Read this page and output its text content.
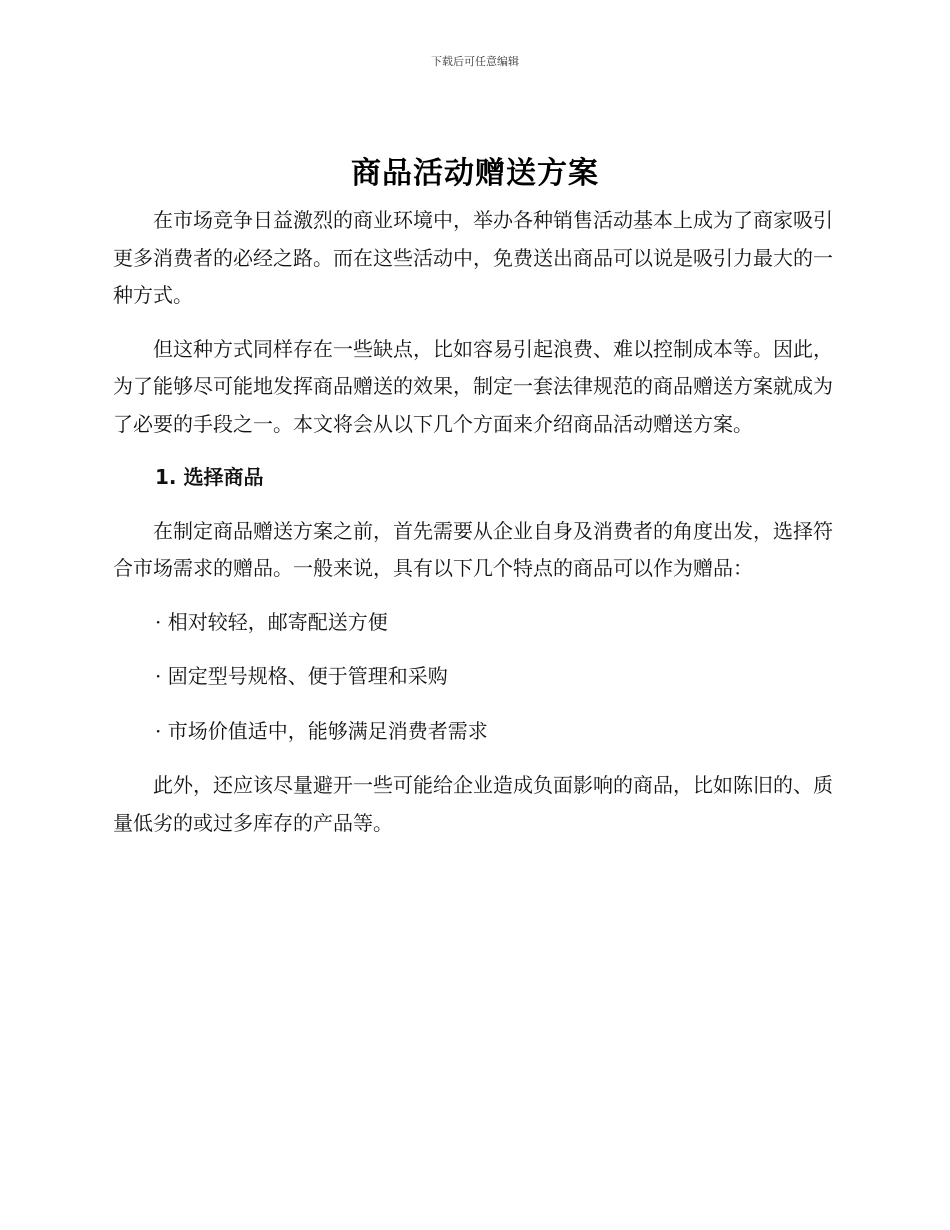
下载后可任意编辑
商品活动赠送方案

在市场竞争日益激烈的商业环境中，举办各种销售活动基本上成为了商家吸引更多消费者的必经之路。而在这些活动中，免费送出商品可以说是吸引力最大的一种方式。

但这种方式同样存在一些缺点，比如容易引起浪费、难以控制成本等。因此，为了能够尽可能地发挥商品赠送的效果，制定一套法律规范的商品赠送方案就成为了必要的手段之一。本文将会从以下几个方面来介绍商品活动赠送方案。

1. 选择商品

在制定商品赠送方案之前，首先需要从企业自身及消费者的角度出发，选择符合市场需求的赠品。一般来说，具有以下几个特点的商品可以作为赠品：

· 相对较轻，邮寄配送方便
· 固定型号规格、便于管理和采购
· 市场价值适中，能够满足消费者需求

此外，还应该尽量避开一些可能给企业造成负面影响的商品，比如陈旧的、质量低劣的或过多库存的产品等。
